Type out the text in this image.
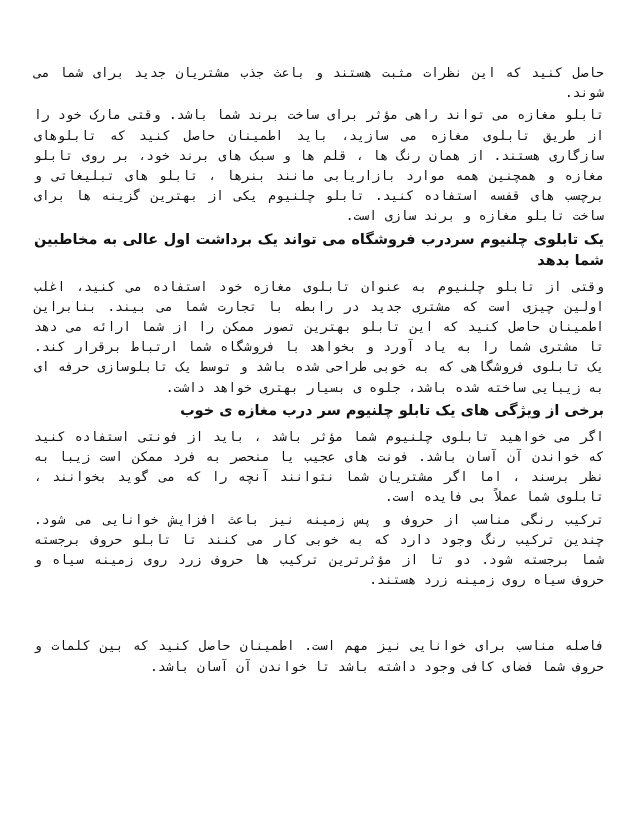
حاصل کنید که این نظرات مثبت هستند و باعث جذب مشتریان جدید برای شما می شوند.

تابلو مغازه می تواند راهی مؤثر برای ساخت برند شما باشد. وقتی مارک خود را از طریق تابلوی مغازه می سازید، باید اطمینان حاصل کنید که تابلوهای سازگاری هستند. از همان رنگ ها ، قلم ها و سبک های برند خود، بر روی تابلو مغازه و همچنین همه موارد بازاریابی مانند بنرها ، تابلو های تبلیغاتی و برچسب های قفسه استفاده کنید. تابلو چلنیوم یکی از بهترین گزینه ها برای ساخت تابلو مغازه و برند سازی است.

یک تابلوی چلنیوم سردرب فروشگاه می تواند یک برداشت اول عالی به مخاطبین شما بدهد

وقتی از تابلو چلنیوم به عنوان تابلوی مغازه خود استفاده می کنید، اغلب اولین چیزی است که مشتری جدید در رابطه با تجارت شما می بیند. بنابراین اطمینان حاصل کنید که این تابلو بهترین تصور ممکن را از شما ارائه می دهد تا مشتری شما را به یاد آورد و بخواهد با فروشگاه شما ارتباط برقرار کند. یک تابلوی فروشگاهی که به خوبی طراحی شده باشد و توسط یک تابلوسازی حرفه ای به زیبایی ساخته شده باشد، جلوه ی بسیار بهتری خواهد داشت.

برخی از ویژگی های یک تابلو چلنیوم سر درب مغازه ی خوب

اگر می خواهید تابلوی چلنیوم شما مؤثر باشد ، باید از فونتی استفاده کنید که خواندن آن آسان باشد. فونت های عجیب یا منحصر به فرد ممکن است زیبا به نظر برسند ، اما اگر مشتریان شما نتوانند آنچه را که می گوید بخوانند ، تابلوی شما عملاً بی فایده است.

ترکیب رنگی مناسب از حروف و پس زمینه نیز باعث افزایش خوانایی می شود. چندین ترکیب رنگ وجود دارد که به خوبی کار می کنند تا تابلو حروف برجسته شما برجسته شود. دو تا از مؤثرترین ترکیب ها حروف زرد روی زمینه سیاه و حروف سیاه روی زمینه زرد هستند.

فاصله مناسب برای خوانایی نیز مهم است. اطمینان حاصل کنید که بین کلمات و حروف شما فضای کافی وجود داشته باشد تا خواندن آن آسان باشد.
